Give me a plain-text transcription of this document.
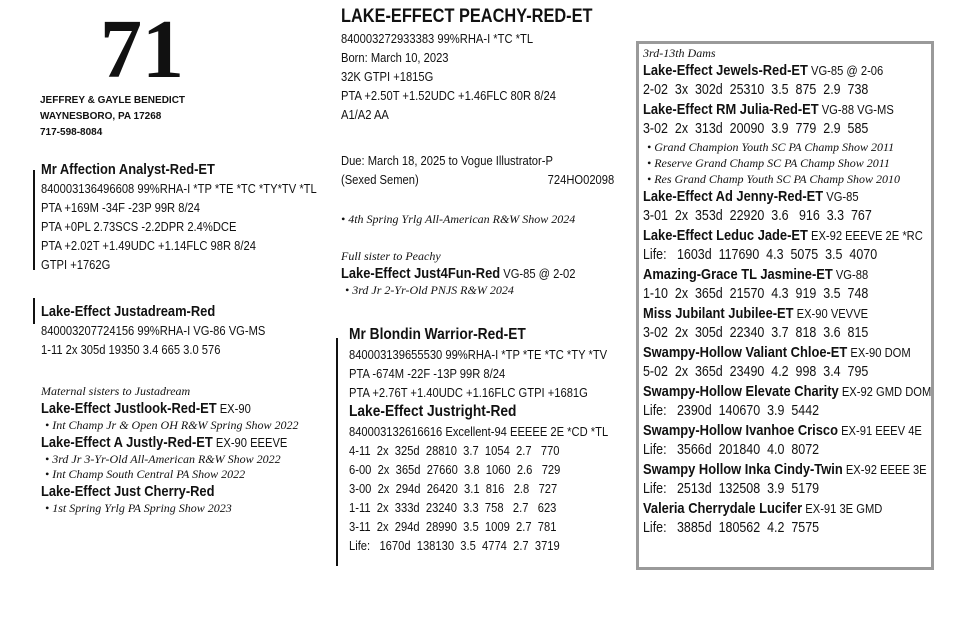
71
JEFFREY & GAYLE BENEDICT
WAYNESBORO, PA 17268
717-598-8084
Mr Affection Analyst-Red-ET
840003136496608 99%RHA-I *TP *TE *TC *TY*TV *TL
PTA +169M -34F -23P 99R 8/24
PTA +0PL 2.73SCS -2.2DPR 2.4%DCE
PTA +2.02T +1.49UDC +1.14FLC 98R 8/24
GTPI +1762G
Lake-Effect Justadream-Red
840003207724156 99%RHA-I VG-86 VG-MS
1-11 2x 305d 19350 3.4 665 3.0 576
Maternal sisters to Justadream
Lake-Effect Justlook-Red-ET EX-90
• Int Champ Jr & Open OH R&W Spring Show 2022
Lake-Effect A Justly-Red-ET EX-90 EEEVE
• 3rd Jr 3-Yr-Old All-American R&W Show 2022
• Int Champ South Central PA Show 2022
Lake-Effect Just Cherry-Red
• 1st Spring Yrlg PA Spring Show 2023
LAKE-EFFECT PEACHY-RED-ET
840003272933383 99%RHA-I *TC *TL
Born: March 10, 2023
32K GTPI +1815G
PTA +2.50T +1.52UDC +1.46FLC 80R 8/24
A1/A2 AA
Due: March 18, 2025 to Vogue Illustrator-P
(Sexed Semen)	724HO02098
• 4th Spring Yrlg All-American R&W Show 2024
Full sister to Peachy
Lake-Effect Just4Fun-Red VG-85 @ 2-02
• 3rd Jr 2-Yr-Old PNJS R&W 2024
Mr Blondin Warrior-Red-ET
840003139655530 99%RHA-I *TP *TE *TC *TY *TV
PTA -674M -22F -13P 99R 8/24
PTA +2.76T +1.40UDC +1.16FLC GTPI +1681G
Lake-Effect Justright-Red
840003132616616 Excellent-94 EEEEE 2E *CD *TL
4-11  2x  325d  28810  3.7  1054  2.7   770
6-00  2x  365d  27660  3.8  1060  2.6   729
3-00  2x  294d  26420  3.1  816   2.8   727
1-11  2x  333d  23240  3.3  758   2.7   623
3-11  2x  294d  28990  3.5  1009  2.7  781
Life:   1670d  138130  3.5  4774  2.7  3719
3rd-13th Dams
Lake-Effect Jewels-Red-ET VG-85 @ 2-06
2-02  3x  302d  25310  3.5  875  2.9  738
Lake-Effect RM Julia-Red-ET VG-88 VG-MS
3-02  2x  313d  20090  3.9  779  2.9  585
• Grand Champion Youth SC PA Champ Show 2011
• Reserve Grand Champ SC PA Champ Show 2011
• Res Grand Champ Youth SC PA Champ Show 2010
Lake-Effect Ad Jenny-Red-ET VG-85
3-01  2x  353d  22920  3.6   916  3.3  767
Lake-Effect Leduc Jade-ET EX-92 EEEVE 2E *RC
Life:   1603d  117690  4.3  5075  3.5  4070
Amazing-Grace TL Jasmine-ET VG-88
1-10  2x  365d  21570  4.3  919  3.5  748
Miss Jubilant Jubilee-ET EX-90 VEVVE
3-02  2x  305d  22340  3.7  818  3.6  815
Swampy-Hollow Valiant Chloe-ET EX-90 DOM
5-02  2x  365d  23490  4.2  998  3.4  795
Swampy-Hollow Elevate Charity EX-92 GMD DOM
Life:   2390d  140670  3.9  5442
Swampy-Hollow Ivanhoe Crisco EX-91 EEEV 4E
Life:   3566d  201840  4.0  8072
Swampy Hollow Inka Cindy-Twin EX-92 EEEE 3E
Life:   2513d  132508  3.9  5179
Valeria Cherrydale Lucifer EX-91 3E GMD
Life:   3885d  180562  4.2  7575
